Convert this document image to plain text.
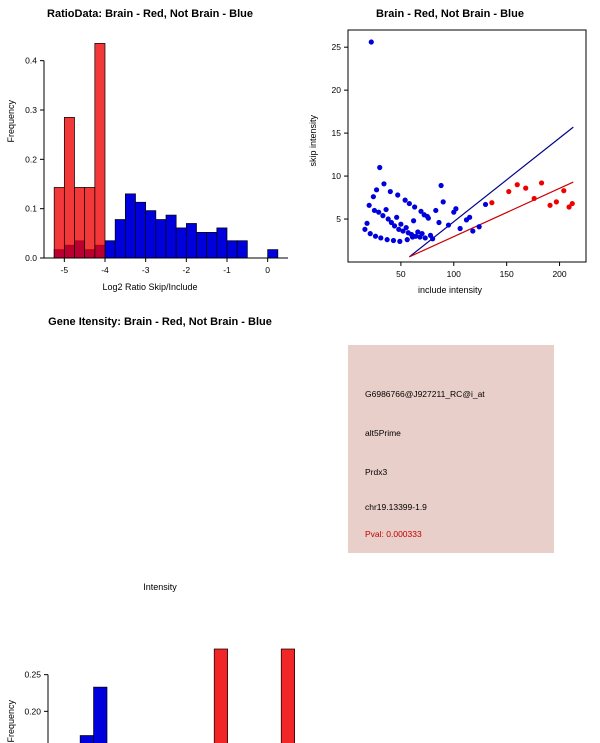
RatioData: Brain - Red, Not Brain - Blue
-5	-4	-3	-2	-1	0
0.0
0.1
0.2
0.3
0.4
Log2 Ratio Skip/Include
Frequency
Brain - Red, Not Brain - Blue
50	100	150	200
5
10
15
20
25
include intensity
skip intensity
Gene Itensity: Brain - Red, Not Brain - Blue
0.20
0.25
Intensity
Frequency
G6986766@J927211_RC@i_at
alt5Prime
Prdx3
chr19.13399-1.9
Pval: 0.000333
